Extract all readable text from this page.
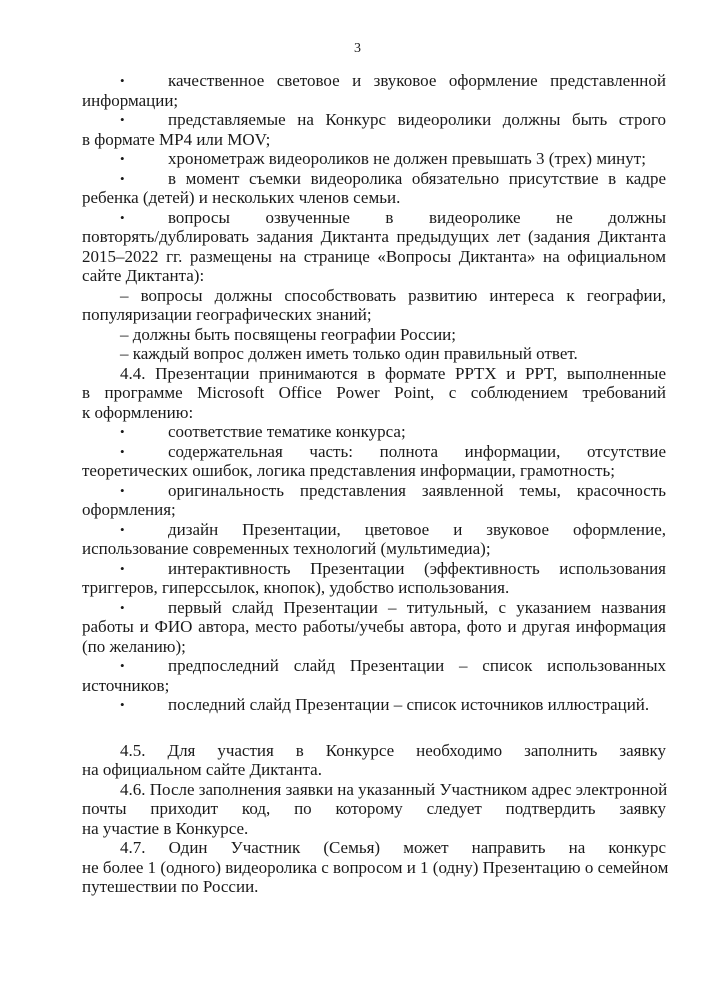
3
•	качественное световое и звуковое оформление представленной
информации;
•	представляемые на Конкурс видеоролики должны быть строго
в формате MP4 или MOV;
•	хронометраж видеороликов не должен превышать 3 (трех) минут;
•	в момент съемки видеоролика обязательно присутствие в кадре
ребенка (детей) и нескольких членов семьи.
•	вопросы озвученные в видеоролике не должны
повторять/дублировать задания Диктанта предыдущих лет (задания Диктанта
2015–2022 гг. размещены на странице «Вопросы Диктанта» на официальном
сайте Диктанта):
– вопросы должны способствовать развитию интереса к географии,
популяризации географических знаний;
– должны быть посвящены географии России;
– каждый вопрос должен иметь только один правильный ответ.
4.4. Презентации принимаются в формате PPTX и PPT, выполненные
в программе Microsoft Office Power Point, с соблюдением требований
к оформлению:
•	соответствие тематике конкурса;
•	содержательная часть: полнота информации, отсутствие
теоретических ошибок, логика представления информации, грамотность;
•	оригинальность представления заявленной темы, красочность
оформления;
•	дизайн Презентации, цветовое и звуковое оформление,
использование современных технологий (мультимедиа);
•	интерактивность Презентации (эффективность использования
триггеров, гиперссылок, кнопок), удобство использования.
•	первый слайд Презентации – титульный, с указанием названия
работы и ФИО автора, место работы/учебы автора, фото и другая информация
(по желанию);
•	предпоследний слайд Презентации – список использованных
источников;
•	последний слайд Презентации – список источников иллюстраций.
4.5. Для участия в Конкурсе необходимо заполнить заявку
на официальном сайте Диктанта.
4.6. После заполнения заявки на указанный Участником адрес электронной
почты приходит код, по которому следует подтвердить заявку
на участие в Конкурсе.
4.7. Один Участник (Семья) может направить на конкурс
не более 1 (одного) видеоролика с вопросом и 1 (одну) Презентацию о семейном
путешествии по России.
